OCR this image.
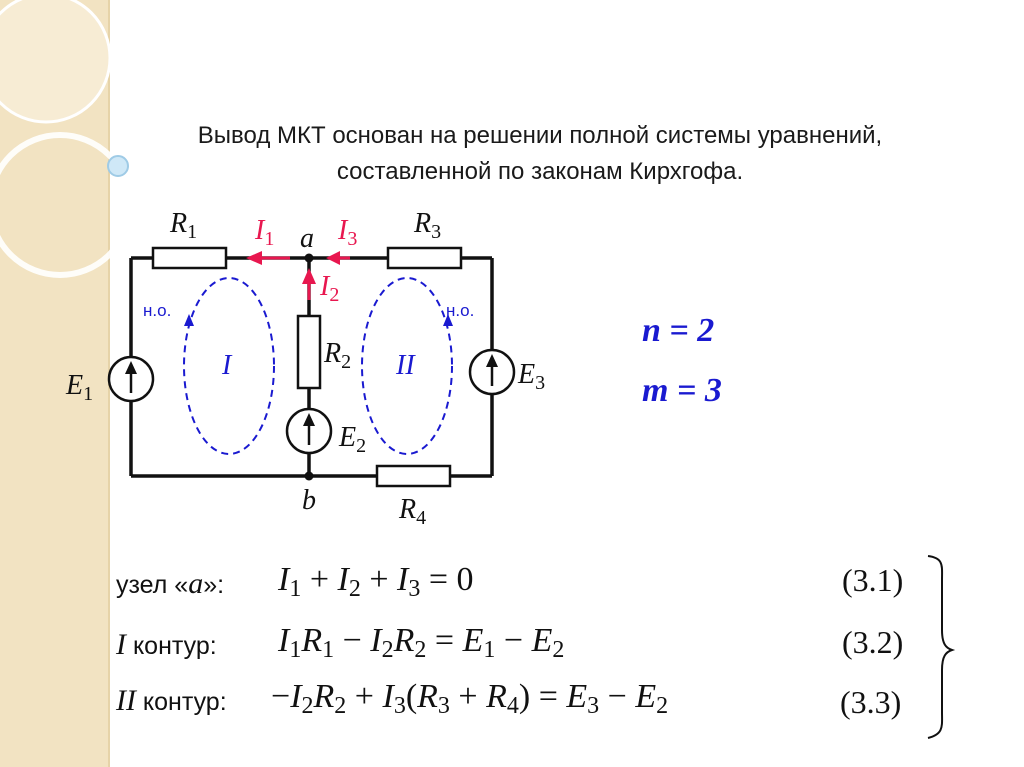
$R_1$	$R_3$
$R_2$
$R_4$
$E_1$
$E_2$
$E_3$
$I_1$ $I_3$
$I_2$
a
b
I	II
н.о.	н.о.
Вывод МКТ основан на решении полной системы уравнений,
составленной по законам Кирхгофа.
n = 2
m = 3
узел «a»: $I_1 + I_2 + I_3 = 0$	(3.1)
I контур: $I_1R_1 - I_2R_2 = E_1 - E_2$	(3.2)
II контур: $-I_2R_2 + I_3(R_3 + R_4) = E_3 - E_2$	(3.3)
